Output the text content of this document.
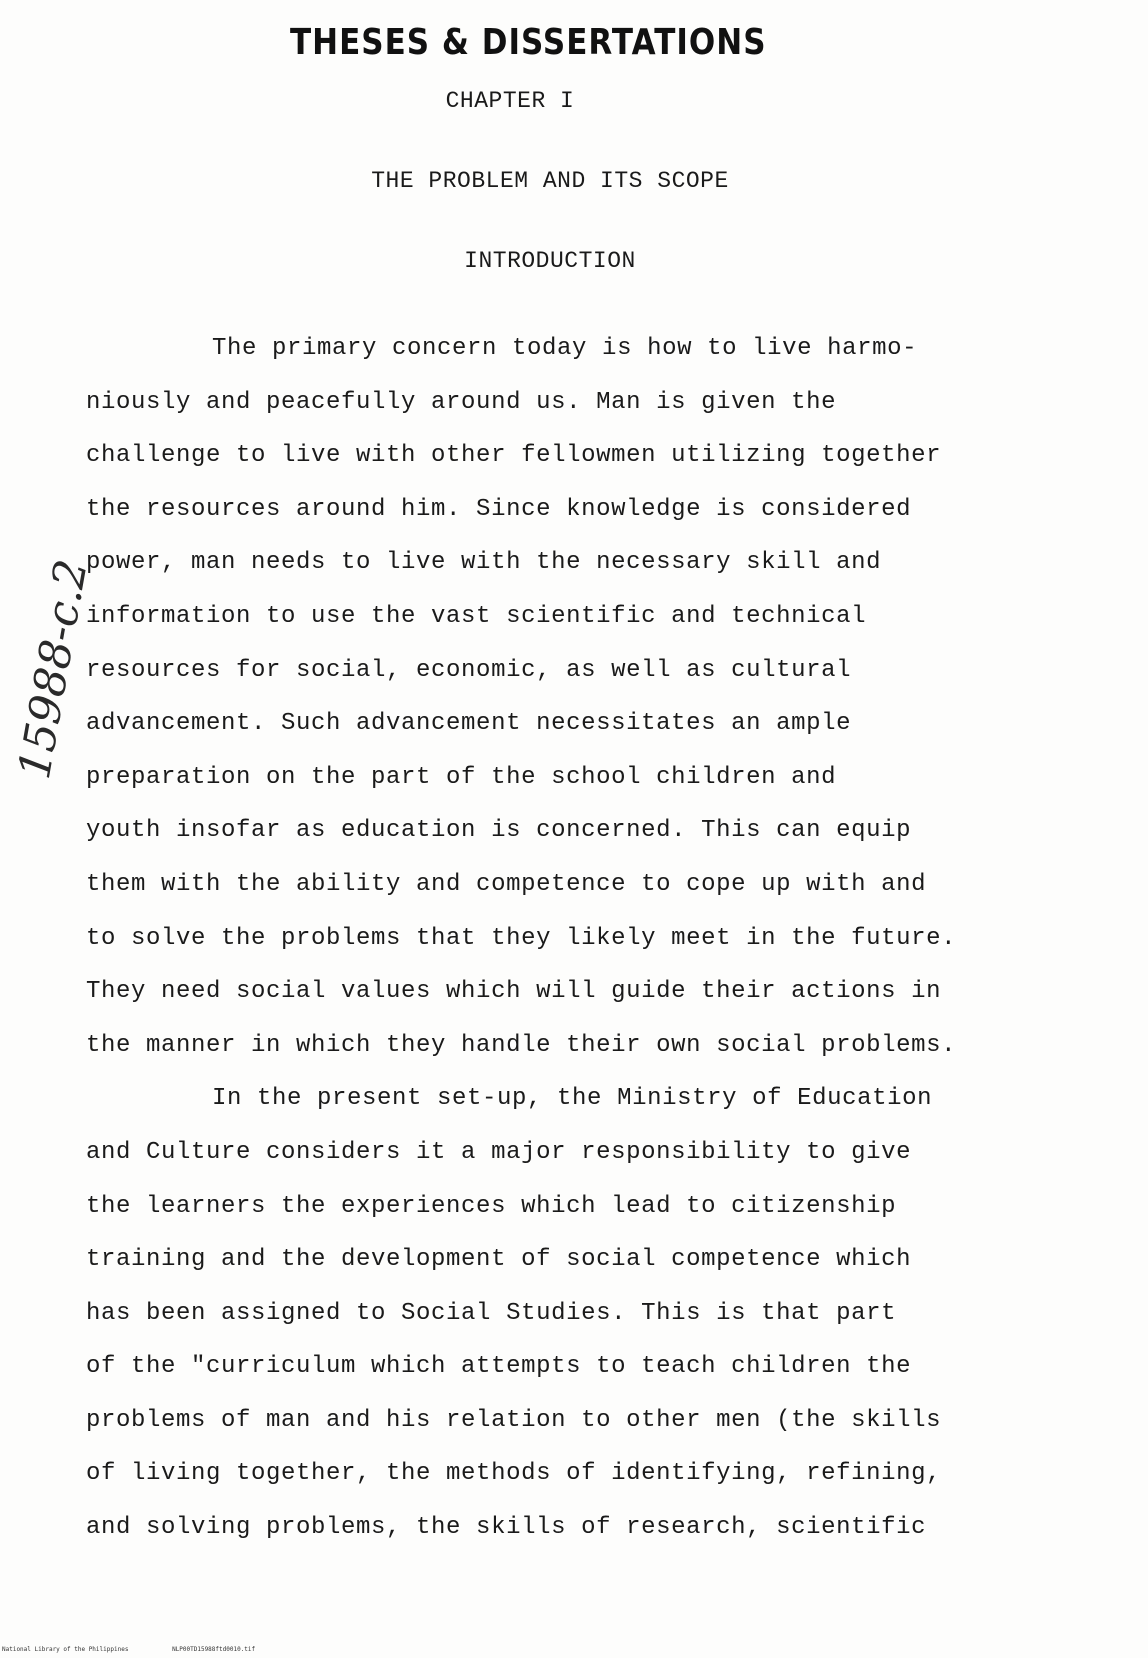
THESES & DISSERTATIONS
CHAPTER I
THE PROBLEM AND ITS SCOPE
INTRODUCTION
15988-c.2
The primary concern today is how to live harmo-
niously and peacefully around us. Man is given the
challenge to live with other fellowmen utilizing together
the resources around him. Since knowledge is considered
power, man needs to live with the necessary skill and
information to use the vast scientific and technical
resources for social, economic, as well as cultural
advancement. Such advancement necessitates an ample
preparation on the part of the school children and
youth insofar as education is concerned. This can equip
them with the ability and competence to cope up with and
to solve the problems that they likely meet in the future.
They need social values which will guide their actions in
the manner in which they handle their own social problems.
In the present set-up, the Ministry of Education
and Culture considers it a major responsibility to give
the learners the experiences which lead to citizenship
training and the development of social competence which
has been assigned to Social Studies. This is that part
of the "curriculum which attempts to teach children the
problems of man and his relation to other men (the skills
of living together, the methods of identifying, refining,
and solving problems, the skills of research, scientific
National Library of the Philippines	NLP00TD15988ftd0010.tif
